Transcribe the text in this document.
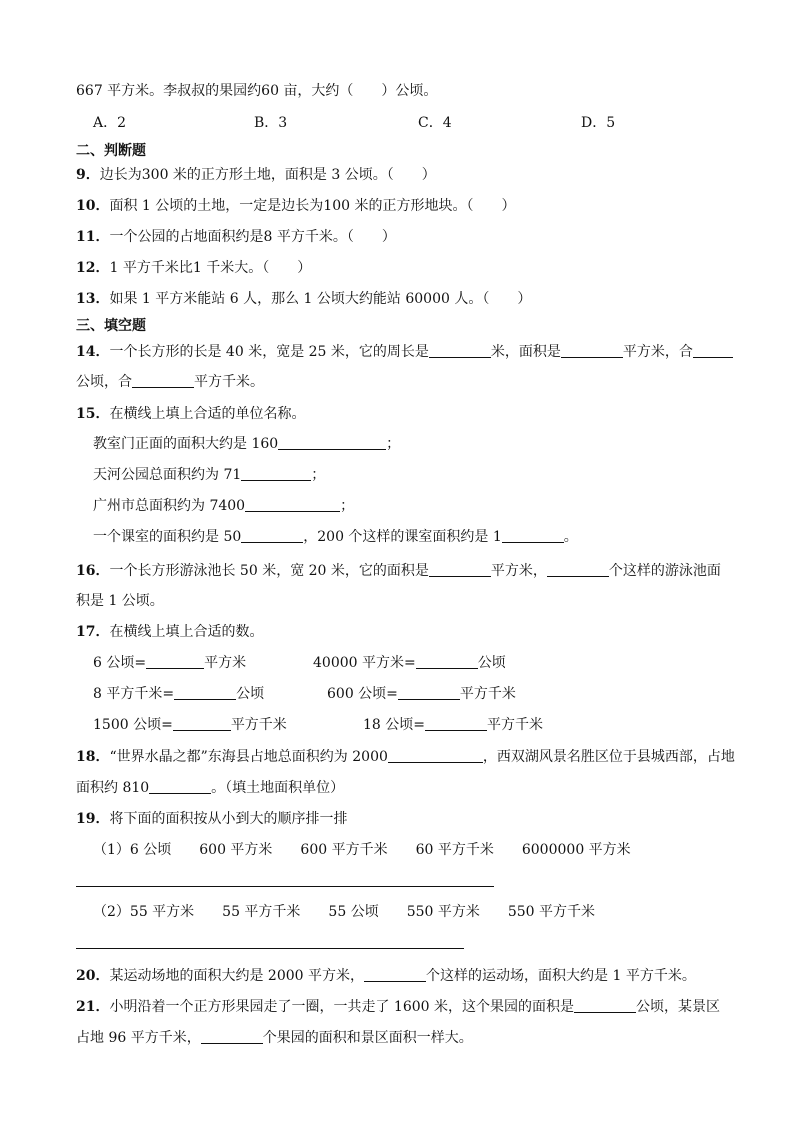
667 平方米。李叔叔的果园约60 亩，大约（　　）公顷。
A．2	B．3	C．4	D．5
二、判断题
9．边长为300 米的正方形土地，面积是 3 公顷。（　　）
10．面积 1 公顷的土地，一定是边长为100 米的正方形地块。（　　）
11．一个公园的占地面积约是8 平方千米。（　　）
12．1 平方千米比1 千米大。（　　）
13．如果 1 平方米能站 6 人，那么 1 公顷大约能站 60000 人。（　　）
三、填空题
14．一个长方形的长是 40 米，宽是 25 米，它的周长是	米，面积是	平方米，合
公顷，合	平方千米。
15．在横线上填上合适的单位名称。
教室门正面的面积大约是 160	；
天河公园总面积约为 71	；
广州市总面积约为 7400	；
一个课室的面积约是 50	，200 个这样的课室面积约是 1	。
16．一个长方形游泳池长 50 米，宽 20 米，它的面积是	平方米，	个这样的游泳池面
积是 1 公顷。
17．在横线上填上合适的数。
6 公顷=	平方米	40000 平方米=	公顷
8 平方千米=	公顷	600 公顷=	平方千米
1500 公顷=	平方千米	18 公顷=	平方千米
18．“世界水晶之都”东海县占地总面积约为 2000	，西双湖风景名胜区位于县城西部，占地
面积约 810	。（填土地面积单位）
19．将下面的面积按从小到大的顺序排一排
（1）6 公顷　　600 平方米　　600 平方千米　　60 平方千米　　6000000 平方米
（2）55 平方米　　55 平方千米　　55 公顷　　550 平方米　　550 平方千米
20．某运动场地的面积大约是 2000 平方米，	个这样的运动场，面积大约是 1 平方千米。
21．小明沿着一个正方形果园走了一圈，一共走了 1600 米，这个果园的面积是	公顷，某景区
占地 96 平方千米，	个果园的面积和景区面积一样大。
